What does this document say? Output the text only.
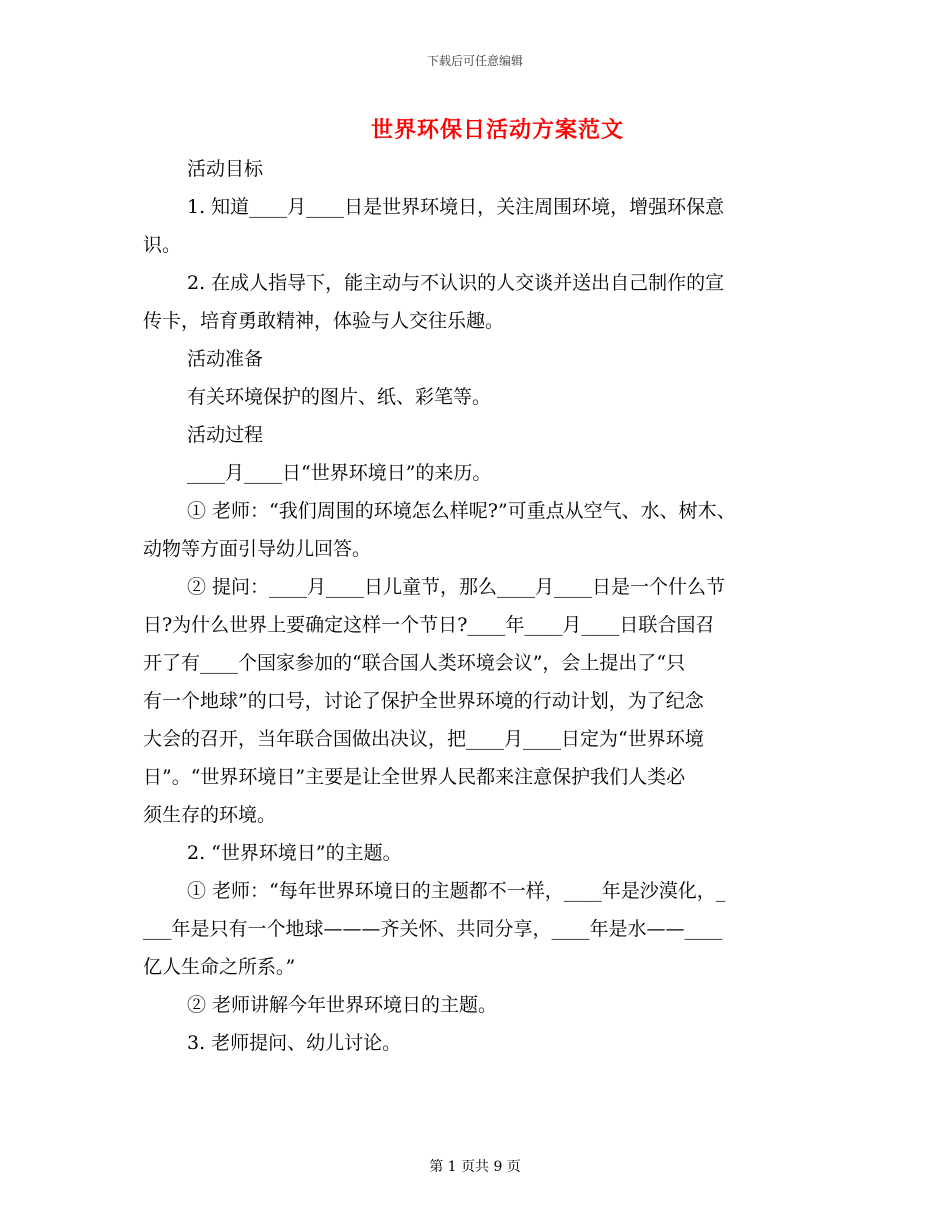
下载后可任意编辑
世界环保日活动方案范文
活动目标
1. 知道____月____日是世界环境日，关注周围环境，增强环保意
识。
2. 在成人指导下，能主动与不认识的人交谈并送出自己制作的宣
传卡，培育勇敢精神，体验与人交往乐趣。
活动准备
有关环境保护的图片、纸、彩笔等。
活动过程
____月____日“世界环境日”的来历。
① 老师：“我们周围的环境怎么样呢?”可重点从空气、水、树木、
动物等方面引导幼儿回答。
② 提问：____月____日儿童节，那么____月____日是一个什么节
日?为什么世界上要确定这样一个节日?____年____月____日联合国召
开了有____个国家参加的“联合国人类环境会议”，会上提出了“只
有一个地球”的口号，讨论了保护全世界环境的行动计划，为了纪念
大会的召开，当年联合国做出决议，把____月____日定为“世界环境
日”。“世界环境日”主要是让全世界人民都来注意保护我们人类必
须生存的环境。
2. “世界环境日”的主题。
① 老师：“每年世界环境日的主题都不一样，____年是沙漠化，_
___年是只有一个地球———齐关怀、共同分享，____年是水——____
亿人生命之所系。”
② 老师讲解今年世界环境日的主题。
3. 老师提问、幼儿讨论。
第 1 页共 9 页
